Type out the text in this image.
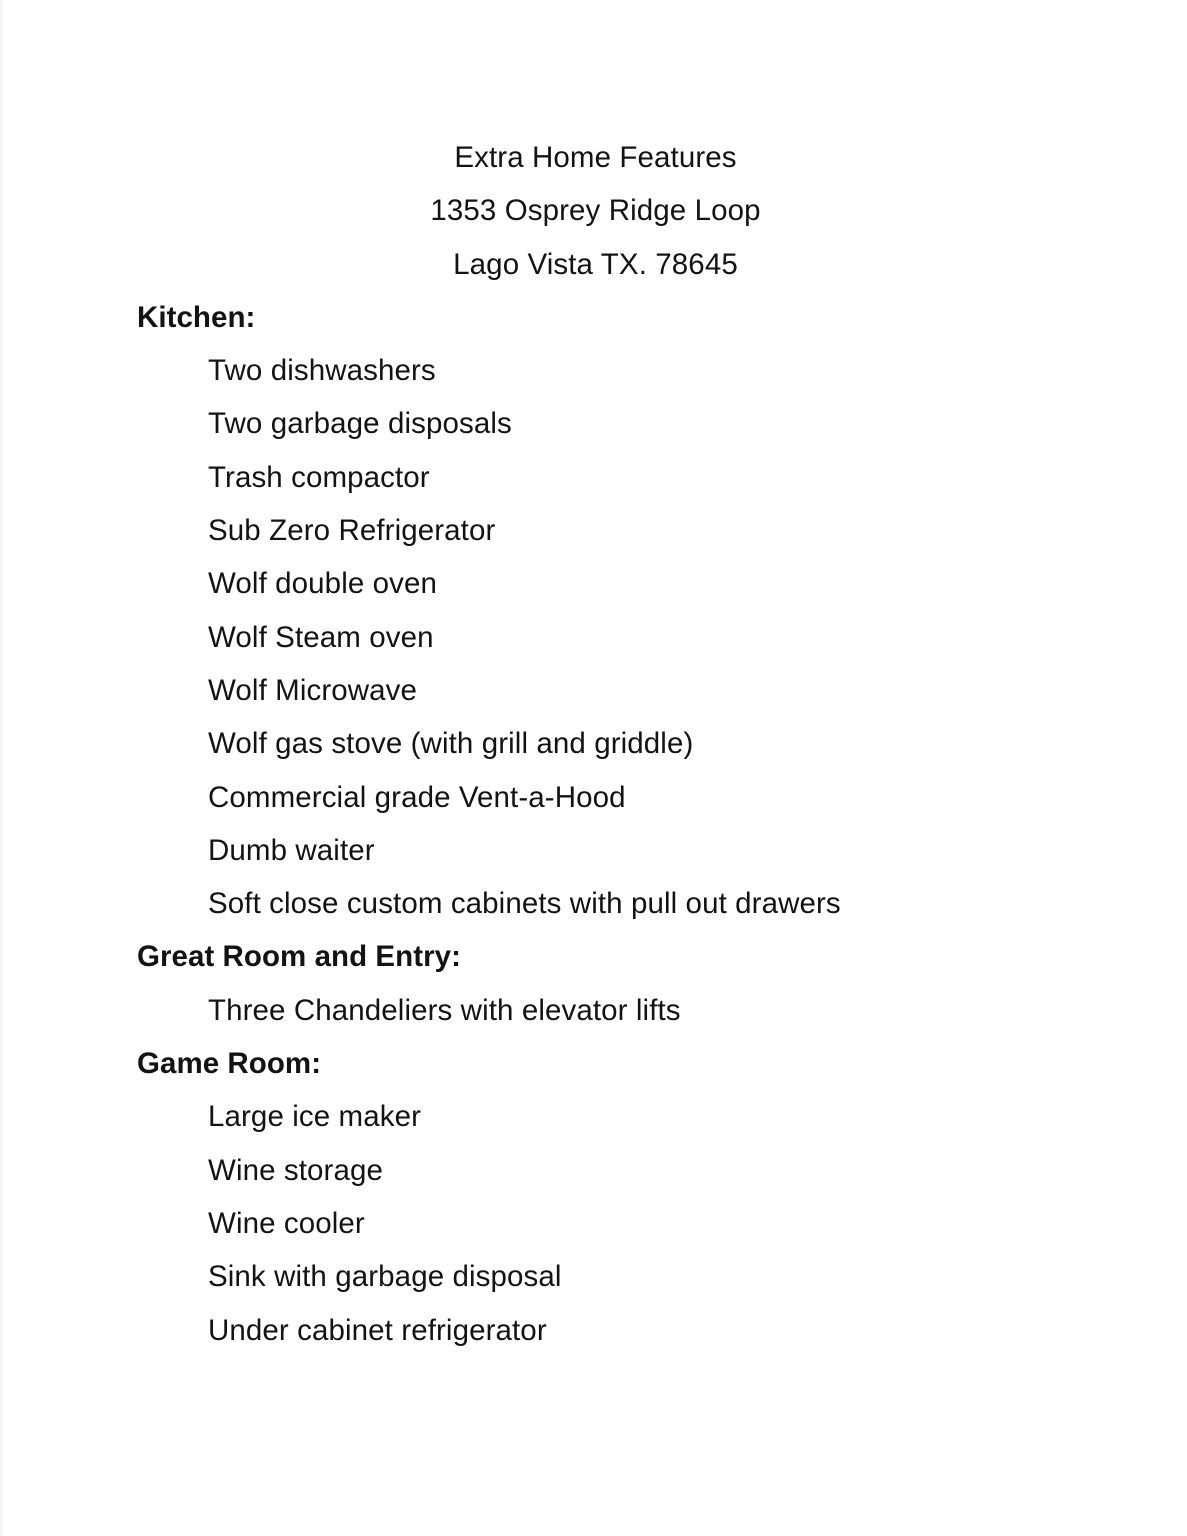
Extra Home Features
1353 Osprey Ridge Loop
Lago Vista TX. 78645
Kitchen:
Two dishwashers
Two garbage disposals
Trash compactor
Sub Zero Refrigerator
Wolf double oven
Wolf Steam oven
Wolf Microwave
Wolf gas stove (with grill and griddle)
Commercial grade Vent-a-Hood
Dumb waiter
Soft close custom cabinets with pull out drawers
Great Room and Entry:
Three Chandeliers with elevator lifts
Game Room:
Large ice maker
Wine storage
Wine cooler
Sink with garbage disposal
Under cabinet refrigerator
